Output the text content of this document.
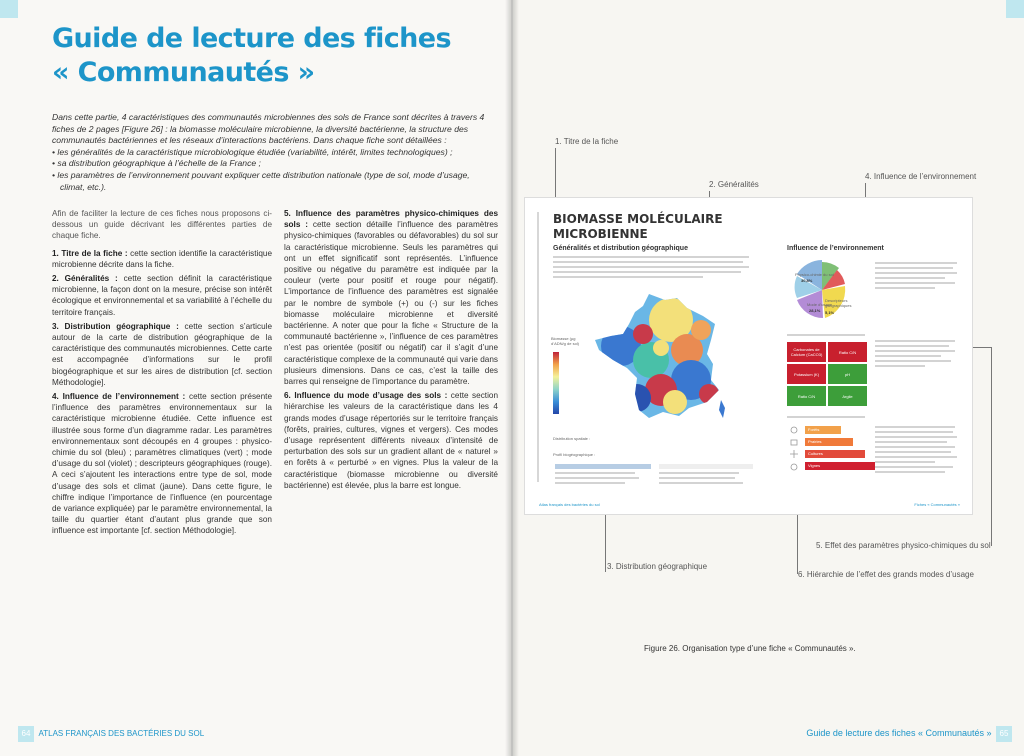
Guide de lecture des fiches
« Communautés »
Dans cette partie, 4 caractéristiques des communautés microbiennes des sols de France sont décrites à travers 4 fiches de 2 pages [Figure 26] : la biomasse moléculaire microbienne, la diversité bactérienne, la structure des communautés bactériennes et les réseaux d’interactions bactériens. Dans chaque fiche sont détaillées :
• les généralités de la caractéristique microbiologique étudiée (variabilité, intérêt, limites technologiques) ;
• sa distribution géographique à l’échelle de la France ;
• les paramètres de l’environnement pouvant expliquer cette distribution nationale (type de sol, mode d’usage, climat, etc.).

Afin de faciliter la lecture de ces fiches nous proposons ci-dessous un guide décrivant les différentes parties de chaque fiche.

1. Titre de la fiche : cette section identifie la caractéristique microbienne décrite dans la fiche.
2. Généralités : cette section définit la caractéristique microbienne, la façon dont on la mesure, précise son intérêt écologique et environnemental et sa variabilité à l’échelle du territoire français.
3. Distribution géographique : cette section s’articule autour de la carte de distribution géographique de la caractéristique des communautés microbiennes. Cette carte est accompagnée d’informations sur le profil biogéographique et sur les aires de distribution [cf. section Méthodologie].
4. Influence de l’environnement : cette section présente l’influence des paramètres environnementaux sur la caractéristique microbienne étudiée. Cette influence est illustrée sous forme d’un diagramme radar. Les paramètres environnementaux sont découpés en 4 groupes : physico-chimie du sol (bleu) ; paramètres climatiques (vert) ; mode d’usage du sol (violet) ; descripteurs géographiques (rouge). A ceci s’ajoutent les interactions entre type de sol, mode d’usage des sols et climat (jaune). Dans cette figure, le chiffre indique l’importance de l’influence (en pourcentage de variance expliquée) par le paramètre environnemental, la taille du quartier étant d’autant plus grande que son influence est importante [cf. section Méthodologie].
5. Influence des paramètres physico-chimiques des sols : cette section détaille l’influence des paramètres physico-chimiques (favorables ou défavorables) du sol sur la caractéristique microbienne. Seuls les paramètres qui ont un effet significatif sont représentés. L’influence positive ou négative du paramètre est indiquée par la couleur (verte pour positif et rouge pour négatif). L’importance de l’influence des paramètres est signalée par le nombre de symbole (+) ou (-) sur les fiches biomasse moléculaire microbienne et diversité bactérienne. A noter que pour la fiche « Structure de la communauté bactérienne », l’influence de ces paramètres n’est pas orientée (positif ou négatif) car il s’agit d’une caractéristique complexe de la communauté qui varie dans plusieurs dimensions. Dans ce cas, c’est la taille des barres qui renseigne de l’importance du paramètre.
6. Influence du mode d’usage des sols : cette section hiérarchise les valeurs de la caractéristique dans les 4 grands modes d’usage répertoriés sur le territoire français (forêts, prairies, cultures, vignes et vergers). Ces modes d’usage représentent différents niveaux d’intensité de perturbation des sols sur un gradient allant de « naturel » en forêts à « perturbé » en vignes. Plus la valeur de la caractéristique (biomasse microbienne ou diversité bactérienne) est élevée, plus la barre est longue.
64 ATLAS FRANÇAIS DES BACTÉRIES DU SOL
1. Titre de la fiche
2. Généralités
4. Influence de l’environnement
3. Distribution géographique
5. Effet des paramètres physico-chimiques du sol
6. Hiérarchie de l’effet des grands modes d’usage
BIOMASSE MOLÉCULAIRE
MICROBIENNE
Généralités et distribution géographique	Influence de l’environnement
Biomasse (µg d’ADN/g de sol)
Distribution spatiale :
Profil biogéographique :
Physico-chimie du sol
30,8%
Descripteurs géographiques
5,1%
Mode d’usage
28,1%
Carbonates de Calcium (CaCO3)	Ratio C/N
Potassium (K)	pH
Ratio C/N	Argile
Forêts
Prairies
Cultures
Vignes
Atlas français des bactéries du sol	Fiches « Communautés »
Figure 26. Organisation type d’une fiche « Communautés ».
Guide de lecture des fiches « Communautés » 65
